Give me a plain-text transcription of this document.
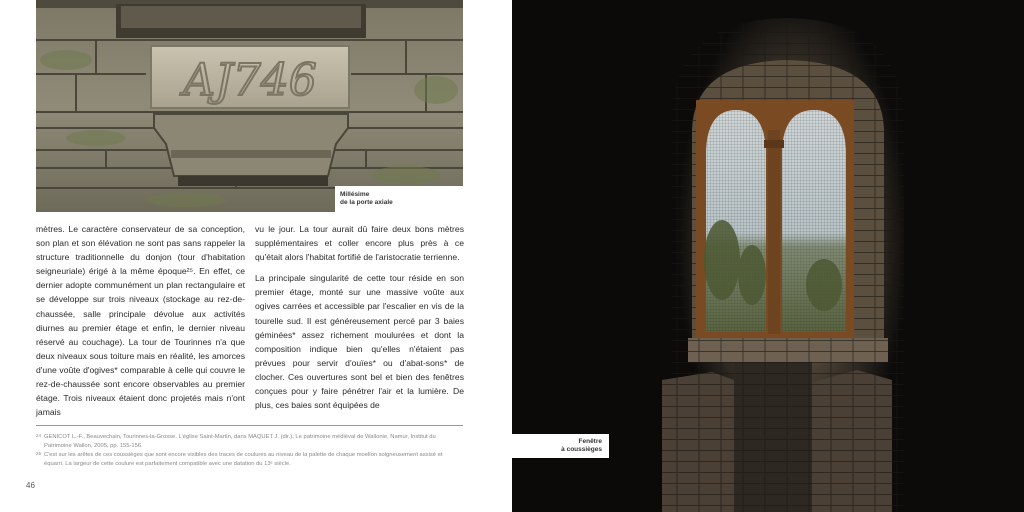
AJ746
Millésime
de la porte axiale

mètres. Le caractère conservateur de sa conception, son plan et son élévation ne sont pas sans rappeler la structure traditionnelle du donjon (tour d'habitation seigneuriale) érigé à la même époque²⁵. En effet, ce dernier adopte communément un plan rectangulaire et se développe sur trois niveaux (stockage au rez-de-chaussée, salle principale dévolue aux activités diurnes au premier étage et enfin, le dernier niveau réservé au couchage). La tour de Tourinnes n'a que deux niveaux sous toiture mais en réalité, les amorces d'une voûte d'ogives* comparable à celle qui couvre le rez-de-chaussée sont encore observables au premier étage. Trois niveaux étaient donc projetés mais n'ont jamais

vu le jour. La tour aurait dû faire deux bons mètres supplémentaires et coller encore plus près à ce qu'était alors l'habitat fortifié de l'aristocratie terrienne.

La principale singularité de cette tour réside en son premier étage, monté sur une massive voûte aux ogives carrées et accessible par l'escalier en vis de la tourelle sud. Il est généreusement percé par 3 baies géminées* assez richement moulurées et dont la composition indique bien qu'elles n'étaient pas prévues pour servir d'ouïes* ou d'abat-sons* de clocher. Ces ouvertures sont bel et bien des fenêtres conçues pour y faire pénétrer l'air et la lumière. De plus, ces baies sont équipées de

24 GENICOT L.-F., Beauvechain, Tourinnes-la-Grosse. L'église Saint-Martin, dans MAQUET J. (dir.), Le patrimoine médiéval de Wallonie, Namur, Institut du Patrimoine Wallon, 2005, pp. 155-156.
25 C'est sur les arêtes de ces coussièges que sont encore visibles des traces de coulures au niveau de la palette de chaque moellon soigneusement assisé et équarri. La largeur de cette coulure est parfaitement compatible avec une datation du 13ᵉ siècle.
46
Fenêtre
à coussièges
